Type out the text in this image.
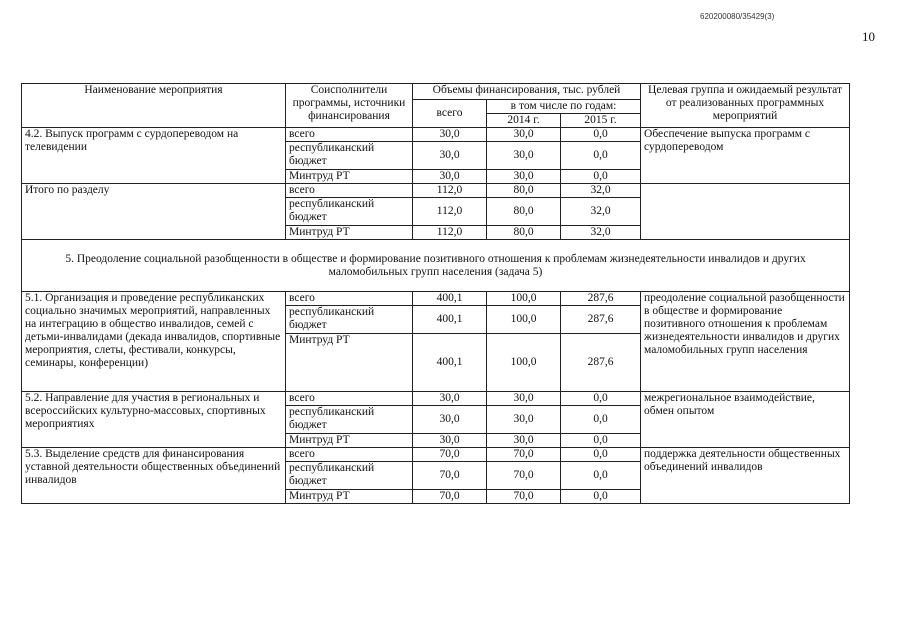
620200080/35429(3)
10
Наименование мероприятия	Соисполнители программы, источники финансирования	Объемы финансирования, тыс. рублей			Целевая группа и ожидаемый результат от реализованных программных мероприятий
		всего	в том числе по годам:		
			2014 г.	2015 г.	
4.2. Выпуск программ с сурдопереводом на телевидении	всего	30,0	30,0	0,0	Обеспечение выпуска программ с сурдопереводом
	республиканский бюджет	30,0	30,0	0,0	
	Минтруд РТ	30,0	30,0	0,0	
Итого по разделу	всего	112,0	80,0	32,0	
	республиканский бюджет	112,0	80,0	32,0	
	Минтруд РТ	112,0	80,0	32,0	
5. Преодоление социальной разобщенности в обществе и формирование позитивного отношения к проблемам жизнедеятельности инвалидов и других маломобильных групп населения (задача 5)					
5.1. Организация и проведение республиканских социально значимых мероприятий, направленных на интеграцию в общество инвалидов, семей с детьми-инвалидами (декада инвалидов, спортивные мероприятия, слеты, фестивали, конкурсы, семинары, конференции)	всего	400,1	100,0	287,6	преодоление социальной разобщенности в обществе и формирование позитивного отношения к проблемам жизнедеятельности инвалидов и других маломобильных групп населения
	республиканский бюджет	400,1	100,0	287,6	
	Минтруд РТ	400,1	100,0	287,6	
5.2. Направление для участия в региональных и всероссийских культурно-массовых, спортивных мероприятиях	всего	30,0	30,0	0,0	межрегиональное взаимодействие, обмен опытом
	республиканский бюджет	30,0	30,0	0,0	
	Минтруд РТ	30,0	30,0	0,0	
5.3. Выделение средств для финансирования уставной деятельности общественных объединений инвалидов	всего	70,0	70,0	0,0	поддержка деятельности общественных объединений инвалидов
	республиканский бюджет	70,0	70,0	0,0	
	Минтруд РТ	70,0	70,0	0,0	
